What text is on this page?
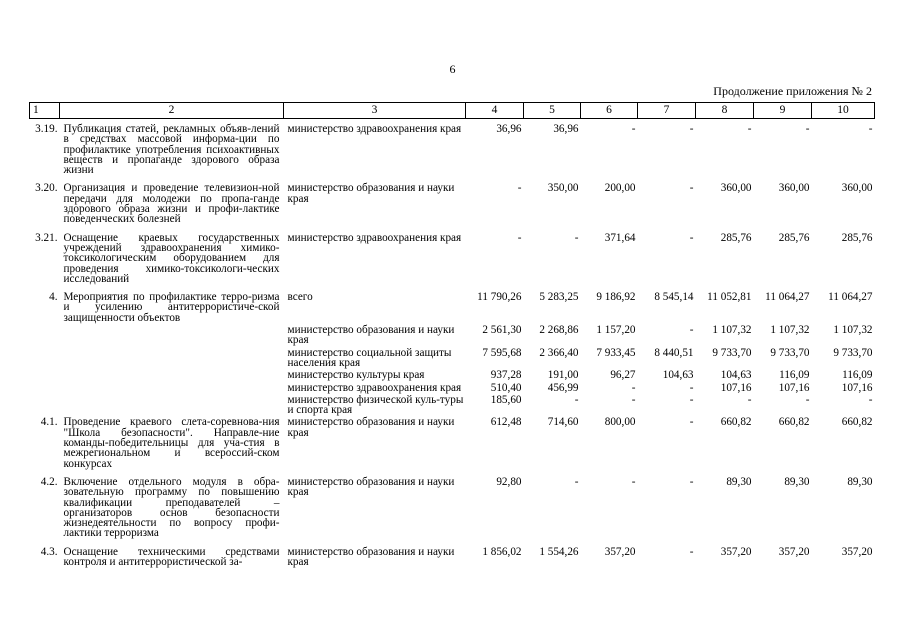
6
Продолжение приложения № 2
1	2	3	4	5	6	7	8	9	10
3.19.	Публикация статей, рекламных объяв-лений в средствах массовой информа-ции по профилактике употребления психоактивных веществ и пропаганде здорового образа жизни	министерство здравоохранения края	36,96	36,96	-	-	-	-	-
3.20.	Организация и проведение телевизион-ной передачи для молодежи по пропа-ганде здорового образа жизни и профи-лактике поведенческих болезней	министерство образования и науки края	-	350,00	200,00	-	360,00	360,00	360,00
3.21.	Оснащение краевых государственных учреждений здравоохранения химико-токсикологическим оборудованием для проведения химико-токсикологи-ческих исследований	министерство здравоохранения края	-	-	371,64	-	285,76	285,76	285,76
4.	Мероприятия по профилактике терро-ризма и усилению антитеррористиче-ской защищенности объектов	всего	11 790,26	5 283,25	9 186,92	8 545,14	11 052,81	11 064,27	11 064,27
		министерство образования и науки края	2 561,30	2 268,86	1 157,20	-	1 107,32	1 107,32	1 107,32
		министерство социальной защиты населения края	7 595,68	2 366,40	7 933,45	8 440,51	9 733,70	9 733,70	9 733,70
		министерство культуры края	937,28	191,00	96,27	104,63	104,63	116,09	116,09
		министерство здравоохранения края	510,40	456,99	-	-	107,16	107,16	107,16
		министерство физической куль-туры и спорта края	185,60	-	-	-	-	-	-
4.1.	Проведение краевого слета-соревнова-ния "Школа безопасности". Направле-ние команды-победительницы для уча-стия в межрегиональном и всероссий-ском конкурсах	министерство образования и науки края	612,48	714,60	800,00	-	660,82	660,82	660,82
4.2.	Включение отдельного модуля в обра-зовательную программу по повышению квалификации преподавателей – организаторов основ безопасности жизнедеятельности по вопросу профи-лактики терроризма	министерство образования и науки края	92,80	-	-	-	89,30	89,30	89,30
4.3.	Оснащение техническими средствами контроля и антитеррористической за-	министерство образования и науки края	1 856,02	1 554,26	357,20	-	357,20	357,20	357,20
